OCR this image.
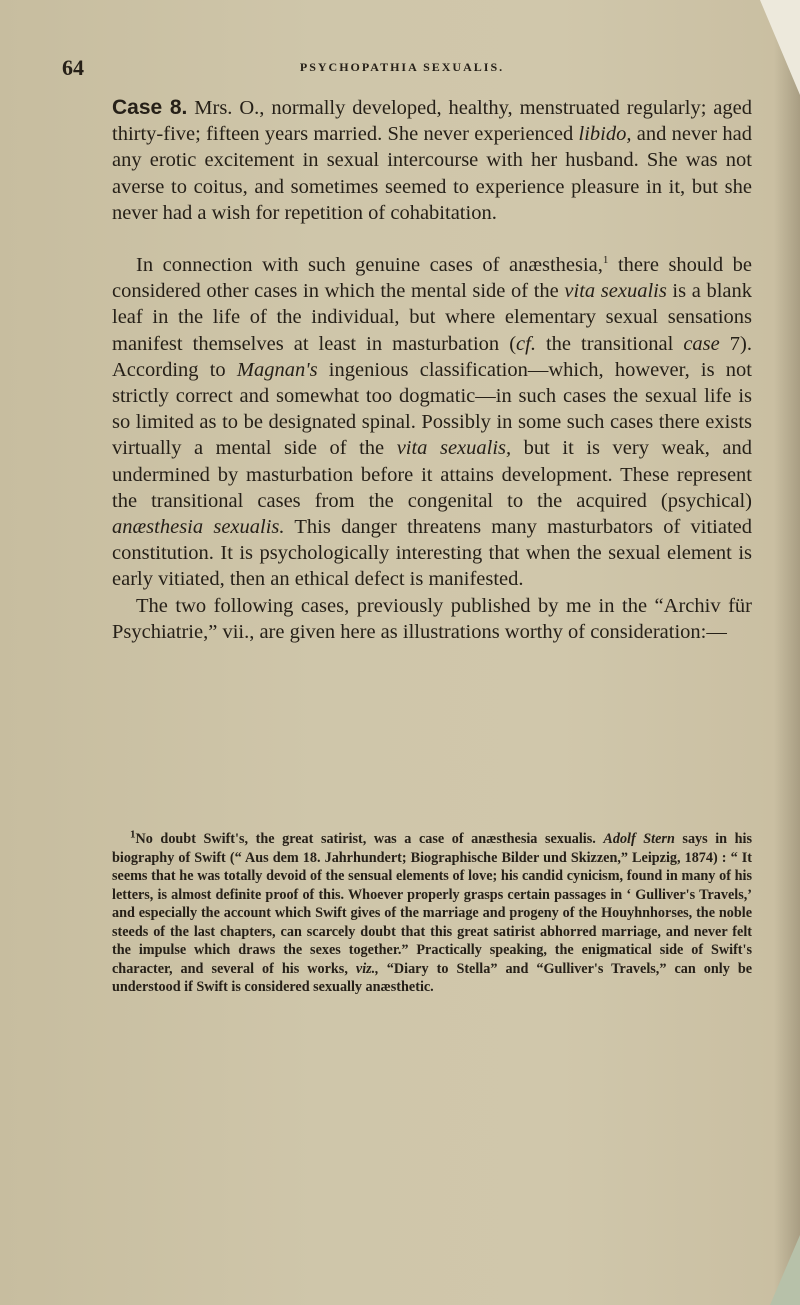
64	PSYCHOPATHIA SEXUALIS.

Case 8. Mrs. O., normally developed, healthy, menstruated regularly; aged thirty-five; fifteen years married. She never experienced libido, and never had any erotic excitement in sexual intercourse with her husband. She was not averse to coitus, and sometimes seemed to experience pleasure in it, but she never had a wish for repetition of cohabitation.

In connection with such genuine cases of anæsthesia,$^1$ there should be considered other cases in which the mental side of the vita sexualis is a blank leaf in the life of the individual, but where elementary sexual sensations manifest themselves at least in masturbation (cf. the transitional case 7). According to Magnan's ingenious classification—which, however, is not strictly correct and somewhat too dogmatic—in such cases the sexual life is so limited as to be designated spinal. Possibly in some such cases there exists virtually a mental side of the vita sexualis, but it is very weak, and undermined by masturbation before it attains development. These represent the transitional cases from the congenital to the acquired (psychical) anæsthesia sexualis. This danger threatens many masturbators of vitiated constitution. It is psychologically interesting that when the sexual element is early vitiated, then an ethical defect is manifested.

The two following cases, previously published by me in the “Archiv für Psychiatrie,” vii., are given here as illustrations worthy of consideration:—

$^1$No doubt Swift's, the great satirist, was a case of anæsthesia sexualis. Adolf Stern says in his biography of Swift (“ Aus dem 18. Jahrhundert; Biographische Bilder und Skizzen,” Leipzig, 1874) : “ It seems that he was totally devoid of the sensual elements of love; his candid cynicism, found in many of his letters, is almost definite proof of this. Whoever properly grasps certain passages in ‘ Gulliver's Travels,’ and especially the account which Swift gives of the marriage and progeny of the Houyhnhorses, the noble steeds of the last chapters, can scarcely doubt that this great satirist abhorred marriage, and never felt the impulse which draws the sexes together.” Practically speaking, the enigmatical side of Swift's character, and several of his works, viz., “Diary to Stella” and “Gulliver's Travels,” can only be understood if Swift is considered sexually anæsthetic.
